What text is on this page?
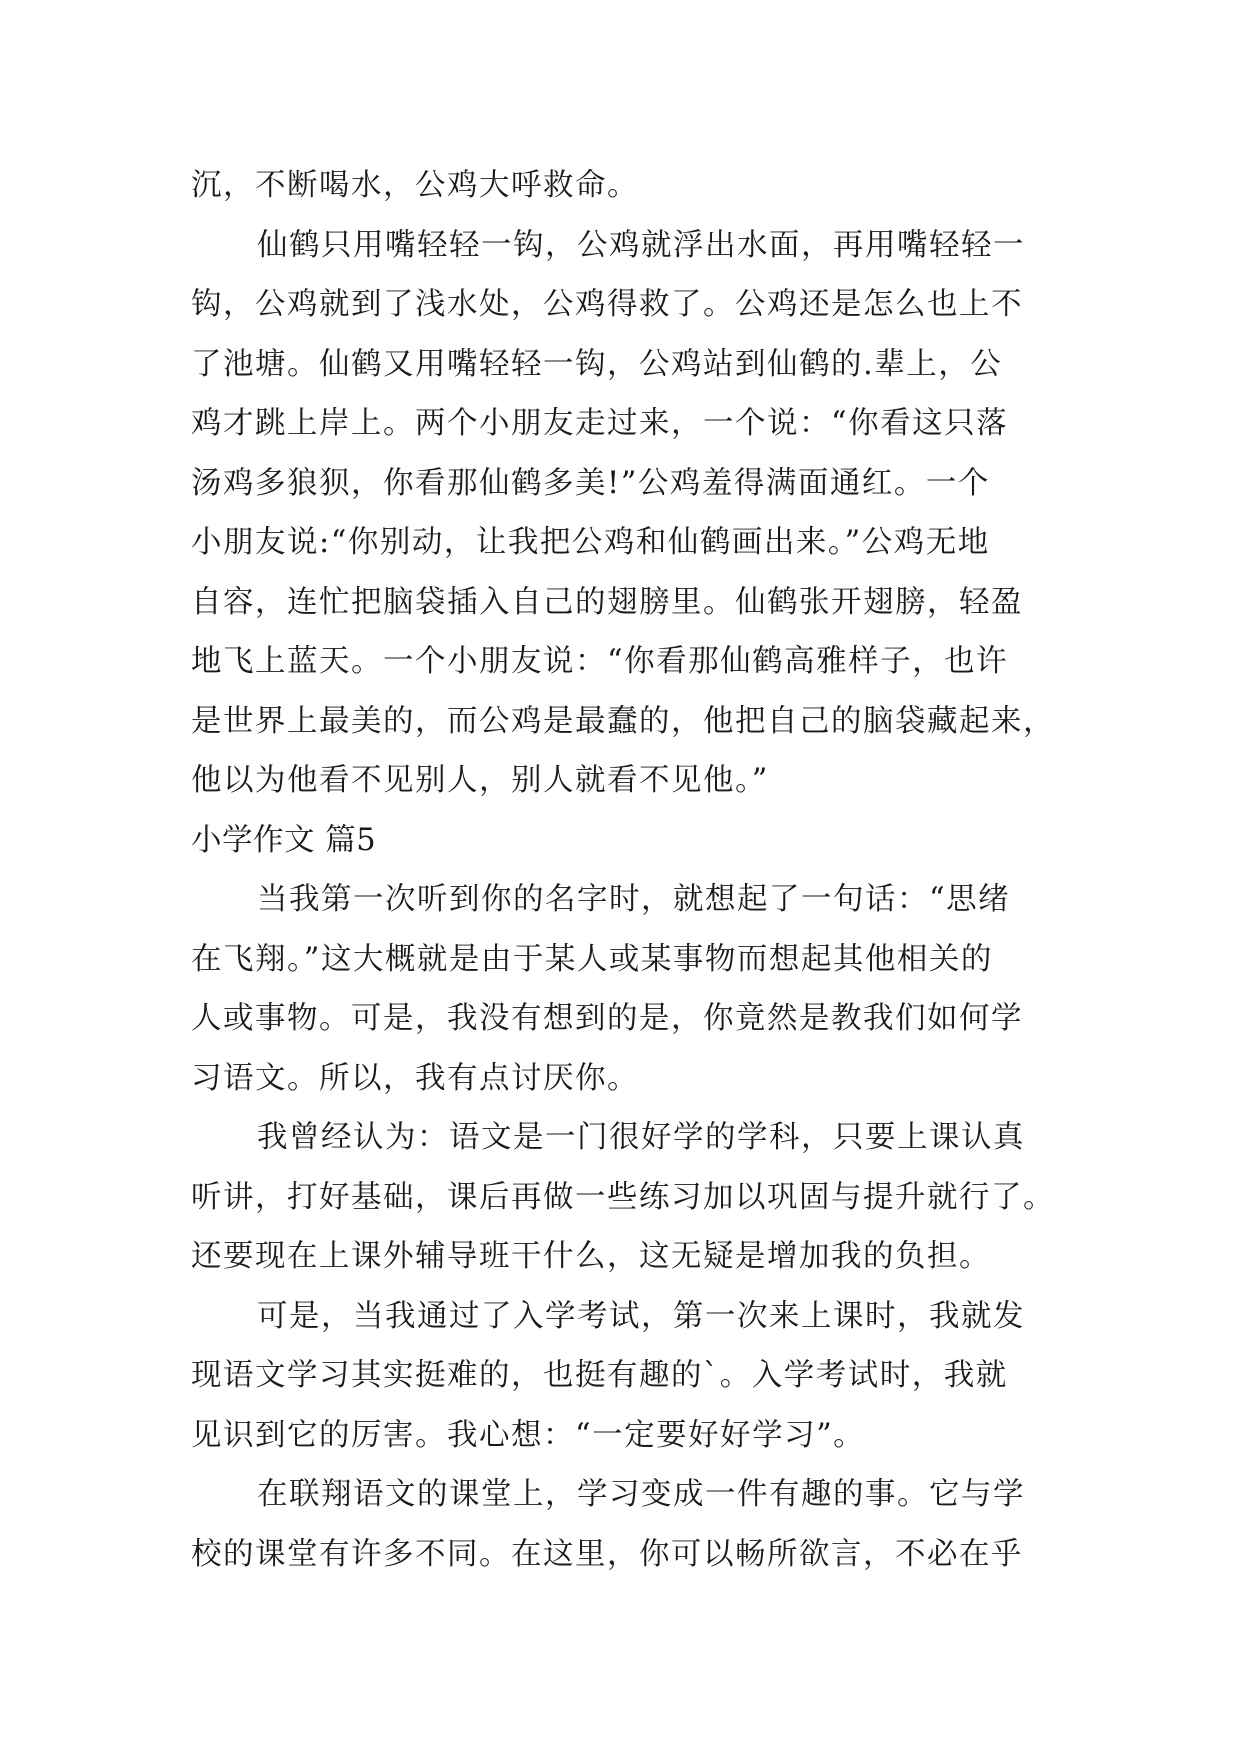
沉，不断喝水，公鸡大呼救命。
仙鹤只用嘴轻轻一钩，公鸡就浮出水面，再用嘴轻轻一
钩，公鸡就到了浅水处，公鸡得救了。公鸡还是怎么也上不
了池塘。仙鹤又用嘴轻轻一钩，公鸡站到仙鹤的.辈上，公
鸡才跳上岸上。两个小朋友走过来，一个说：“你看这只落
汤鸡多狼狈，你看那仙鹤多美!”公鸡羞得满面通红。一个
小朋友说:“你别动，让我把公鸡和仙鹤画出来。”公鸡无地
自容，连忙把脑袋插入自己的翅膀里。仙鹤张开翅膀，轻盈
地飞上蓝天。一个小朋友说：“你看那仙鹤高雅样子，也许
是世界上最美的，而公鸡是最蠢的，他把自己的脑袋藏起来，
他以为他看不见别人，别人就看不见他。”
小学作文 篇5
当我第一次听到你的名字时，就想起了一句话：“思绪
在飞翔。”这大概就是由于某人或某事物而想起其他相关的
人或事物。可是，我没有想到的是，你竟然是教我们如何学
习语文。所以，我有点讨厌你。
我曾经认为：语文是一门很好学的学科，只要上课认真
听讲，打好基础，课后再做一些练习加以巩固与提升就行了。
还要现在上课外辅导班干什么，这无疑是增加我的负担。
可是，当我通过了入学考试，第一次来上课时，我就发
现语文学习其实挺难的，也挺有趣的`。入学考试时，我就
见识到它的厉害。我心想：“一定要好好学习”。
在联翔语文的课堂上，学习变成一件有趣的事。它与学
校的课堂有许多不同。在这里，你可以畅所欲言，不必在乎
